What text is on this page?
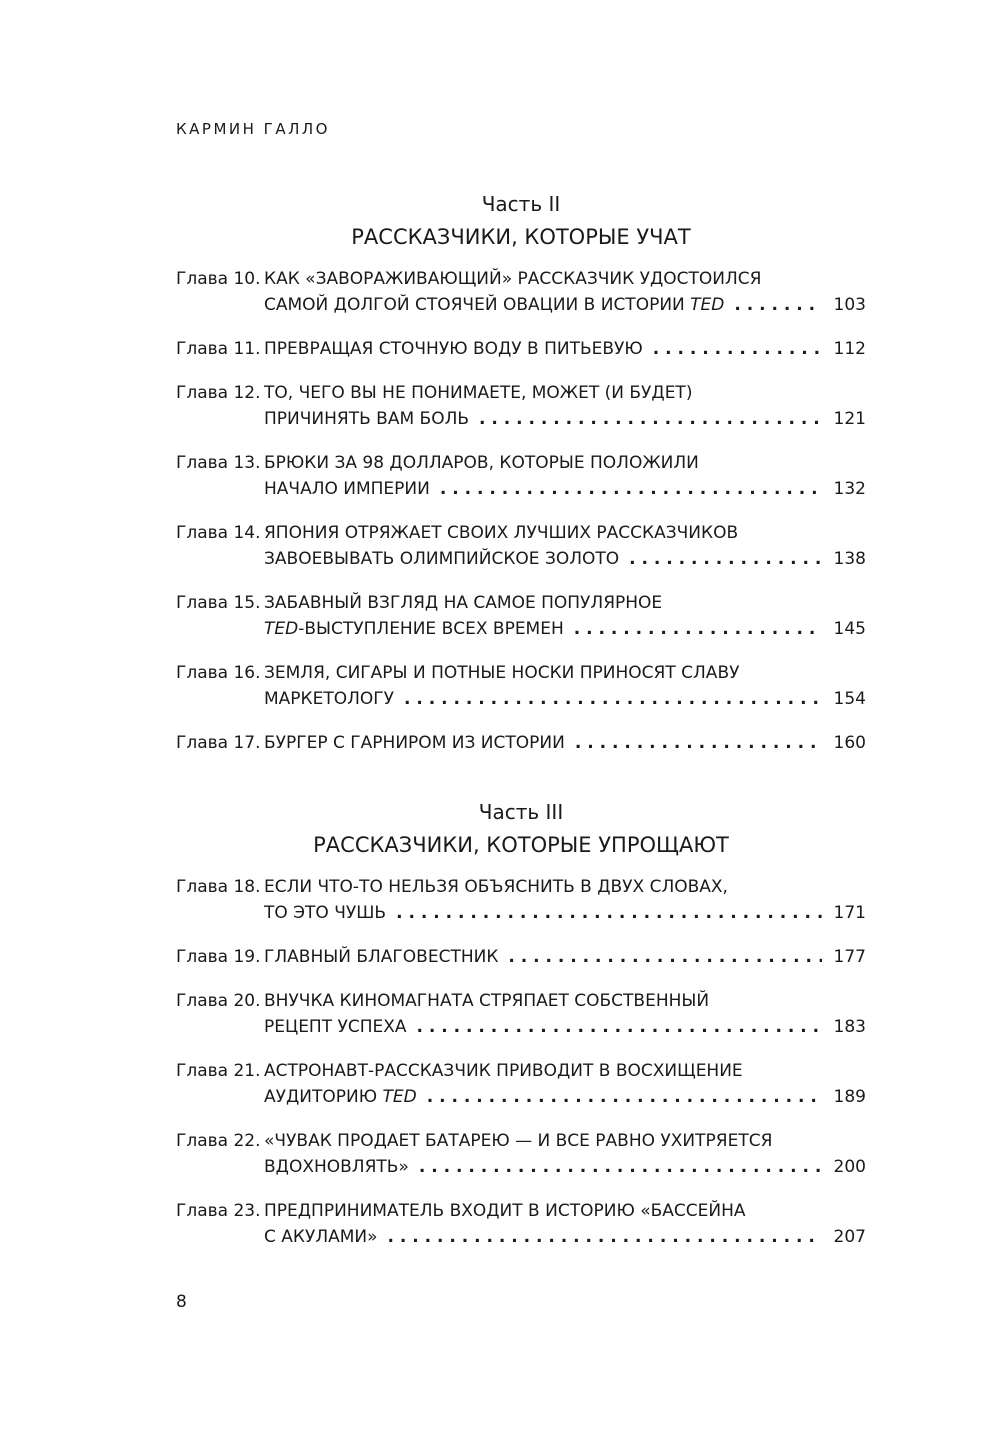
КАРМИН ГАЛЛО

Часть II

РАССКАЗЧИКИ, КОТОРЫЕ УЧАТ

Глава 10. КАК «ЗАВОРАЖИВАЮЩИЙ» РАССКАЗЧИК УДОСТОИЛСЯ
САМОЙ ДОЛГОЙ СТОЯЧЕЙ ОВАЦИИ В ИСТОРИИ TED . . .	103
Глава 11. ПРЕВРАЩАЯ СТОЧНУЮ ВОДУ В ПИТЬЕВУЮ . . .	112
Глава 12. ТО, ЧЕГО ВЫ НЕ ПОНИМАЕТЕ, МОЖЕТ (И БУДЕТ)
ПРИЧИНЯТЬ ВАМ БОЛЬ . . .	121
Глава 13. БРЮКИ ЗА 98 ДОЛЛАРОВ, КОТОРЫЕ ПОЛОЖИЛИ
НАЧАЛО ИМПЕРИИ . . .	132
Глава 14. ЯПОНИЯ ОТРЯЖАЕТ СВОИХ ЛУЧШИХ РАССКАЗЧИКОВ
ЗАВОЕВЫВАТЬ ОЛИМПИЙСКОЕ ЗОЛОТО . . .	138
Глава 15. ЗАБАВНЫЙ ВЗГЛЯД НА САМОЕ ПОПУЛЯРНОЕ
TED-ВЫСТУПЛЕНИЕ ВСЕХ ВРЕМЕН . . .	145
Глава 16. ЗЕМЛЯ, СИГАРЫ И ПОТНЫЕ НОСКИ ПРИНОСЯТ СЛАВУ
МАРКЕТОЛОГУ . . .	154
Глава 17. БУРГЕР С ГАРНИРОМ ИЗ ИСТОРИИ . . .	160

Часть III

РАССКАЗЧИКИ, КОТОРЫЕ УПРОЩАЮТ

Глава 18. ЕСЛИ ЧТО-ТО НЕЛЬЗЯ ОБЪЯСНИТЬ В ДВУХ СЛОВАХ,
ТО ЭТО ЧУШЬ . . .	171
Глава 19. ГЛАВНЫЙ БЛАГОВЕСТНИК . . .	177
Глава 20. ВНУЧКА КИНОМАГНАТА СТРЯПАЕТ СОБСТВЕННЫЙ
РЕЦЕПТ УСПЕХА . . .	183
Глава 21. АСТРОНАВТ-РАССКАЗЧИК ПРИВОДИТ В ВОСХИЩЕНИЕ
АУДИТОРИЮ TED . . .	189
Глава 22. «ЧУВАК ПРОДАЕТ БАТАРЕЮ — И ВСЕ РАВНО УХИТРЯЕТСЯ
ВДОХНОВЛЯТЬ» . . .	200
Глава 23. ПРЕДПРИНИМАТЕЛЬ ВХОДИТ В ИСТОРИЮ «БАССЕЙНА
С АКУЛАМИ» . . .	207
8
